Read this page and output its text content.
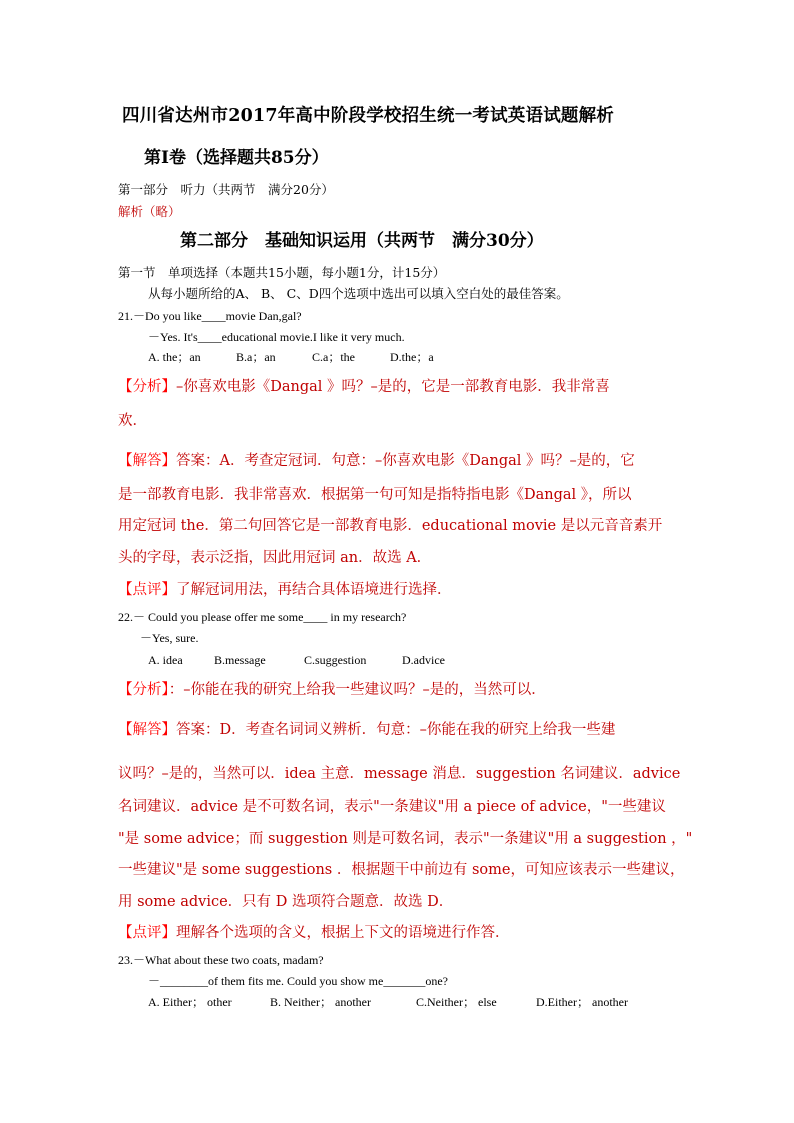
四川省达州市2017年高中阶段学校招生统一考试英语试题解析
第I卷（选择题共85分）
第一部分　听力（共两节　满分20分）
解析（略）
第二部分　基础知识运用（共两节　满分30分）
第一节　单项选择（本题共15小题，每小题1分，计15分）
从每小题所给的A、 B、 C、D四个选项中选出可以填入空白处的最佳答案。
21.－Do you like____movie Dan,gal?
－Yes. It's____educational movie.I like it very much.
A. the；an	B.a；an	C.a；the	D.the；a
【分析】–你喜欢电影《Dangal 》吗？–是的，它是一部教育电影．我非常喜
欢．
【解答】答案：A．考查定冠词．句意：–你喜欢电影《Dangal 》吗？–是的，它
是一部教育电影．我非常喜欢．根据第一句可知是指特指电影《Dangal 》，所以
用定冠词 the．第二句回答它是一部教育电影．educational movie 是以元音音素开
头的字母，表示泛指，因此用冠词 an．故选 A．
【点评】了解冠词用法，再结合具体语境进行选择．
22.－ Could you please offer me some____ in my research?
－Yes, sure.
A. idea	B.message	C.suggestion	D.advice
【分析】：–你能在我的研究上给我一些建议吗？–是的，当然可以．
【解答】答案：D．考查名词词义辨析．句意：–你能在我的研究上给我一些建
议吗？–是的，当然可以．idea 主意．message 消息．suggestion 名词建议．advice
名词建议．advice 是不可数名词，表示"一条建议"用 a piece of advice，"一些建议
"是 some advice；而 suggestion 则是可数名词，表示"一条建议"用 a suggestion ，"
一些建议"是 some suggestions ．根据题干中前边有 some，可知应该表示一些建议，
用 some advice．只有 D 选项符合题意．故选 D．
【点评】理解各个选项的含义，根据上下文的语境进行作答．
23.－What about these two coats, madam?
－________of them fits me. Could you show me_______one?
A. Either； other	B. Neither； another	C.Neither； else	D.Either； another
